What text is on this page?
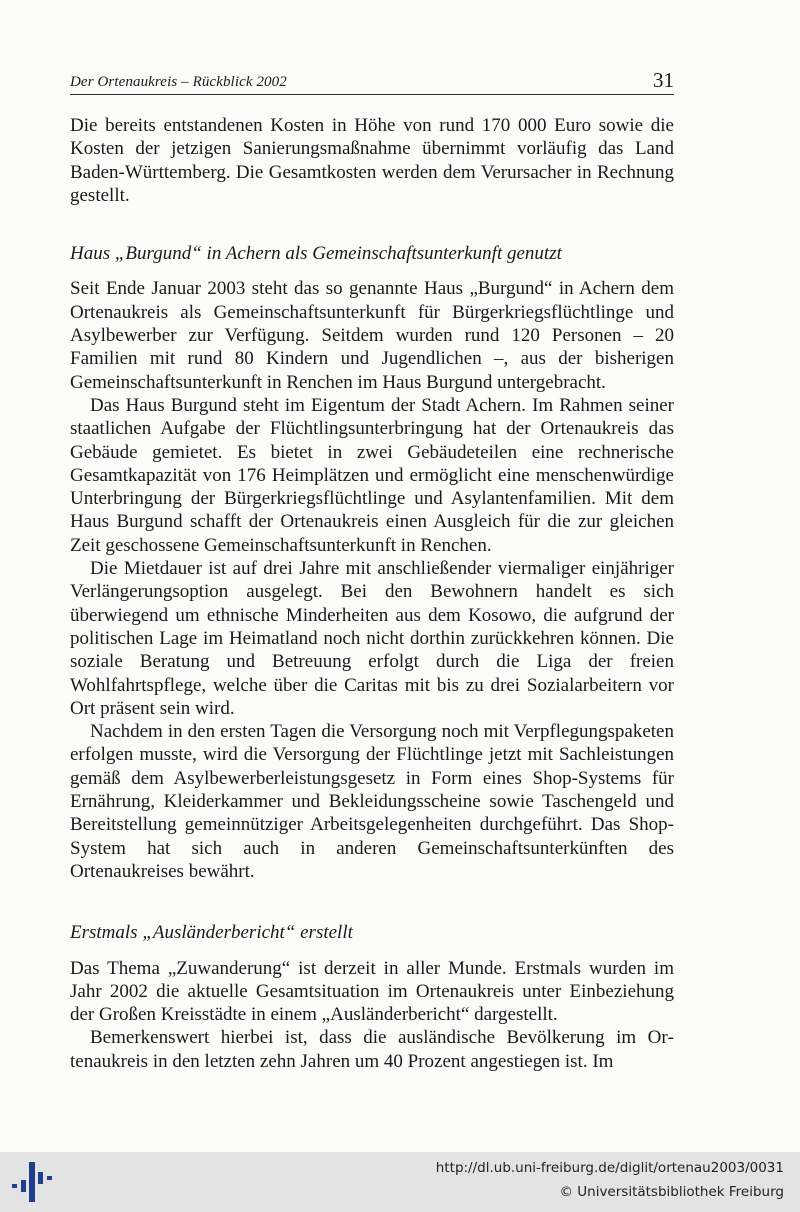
Der Ortenaukreis – Rückblick 2002	31

Die bereits entstandenen Kosten in Höhe von rund 170 000 Euro sowie die Kosten der jetzigen Sanierungsmaßnahme übernimmt vorläufig das Land Baden-Württemberg. Die Gesamtkosten werden dem Verursacher in Rechnung gestellt.

Haus „Burgund“ in Achern als Gemeinschaftsunterkunft genutzt

Seit Ende Januar 2003 steht das so genannte Haus „Burgund“ in Achern dem Ortenaukreis als Gemeinschaftsunterkunft für Bürgerkriegsflüchtlinge und Asylbewerber zur Verfügung. Seitdem wurden rund 120 Personen – 20 Familien mit rund 80 Kindern und Jugendlichen –, aus der bisherigen Gemeinschaftsunterkunft in Renchen im Haus Burgund untergebracht.

Das Haus Burgund steht im Eigentum der Stadt Achern. Im Rahmen seiner staatlichen Aufgabe der Flüchtlingsunterbringung hat der Ortenaukreis das Gebäude gemietet. Es bietet in zwei Gebäudeteilen eine rechnerische Gesamtkapazität von 176 Heimplätzen und ermöglicht eine menschenwürdige Unterbringung der Bürgerkriegsflüchtlinge und Asylantenfamilien. Mit dem Haus Burgund schafft der Ortenaukreis einen Ausgleich für die zur gleichen Zeit geschossene Gemeinschaftsunterkunft in Renchen.

Die Mietdauer ist auf drei Jahre mit anschließender viermaliger einjähriger Verlängerungsoption ausgelegt. Bei den Bewohnern handelt es sich überwiegend um ethnische Minderheiten aus dem Kosowo, die aufgrund der politischen Lage im Heimatland noch nicht dorthin zurückkehren können. Die soziale Beratung und Betreuung erfolgt durch die Liga der freien Wohlfahrtspflege, welche über die Caritas mit bis zu drei Sozialarbeitern vor Ort präsent sein wird.

Nachdem in den ersten Tagen die Versorgung noch mit Verpflegungspaketen erfolgen musste, wird die Versorgung der Flüchtlinge jetzt mit Sachleistungen gemäß dem Asylbewerberleistungsgesetz in Form eines Shop-Systems für Ernährung, Kleiderkammer und Bekleidungsscheine sowie Taschengeld und Bereitstellung gemeinnütziger Arbeitsgelegenheiten durchgeführt. Das Shop-System hat sich auch in anderen Gemeinschaftsunterkünften des Ortenaukreises bewährt.

Erstmals „Ausländerbericht“ erstellt

Das Thema „Zuwanderung“ ist derzeit in aller Munde. Erstmals wurden im Jahr 2002 die aktuelle Gesamtsituation im Ortenaukreis unter Einbeziehung der Großen Kreisstädte in einem „Ausländerbericht“ dargestellt.

Bemerkenswert hierbei ist, dass die ausländische Bevölkerung im Ortenaukreis in den letzten zehn Jahren um 40 Prozent angestiegen ist. Im

http://dl.ub.uni-freiburg.de/diglit/ortenau2003/0031
© Universitätsbibliothek Freiburg
